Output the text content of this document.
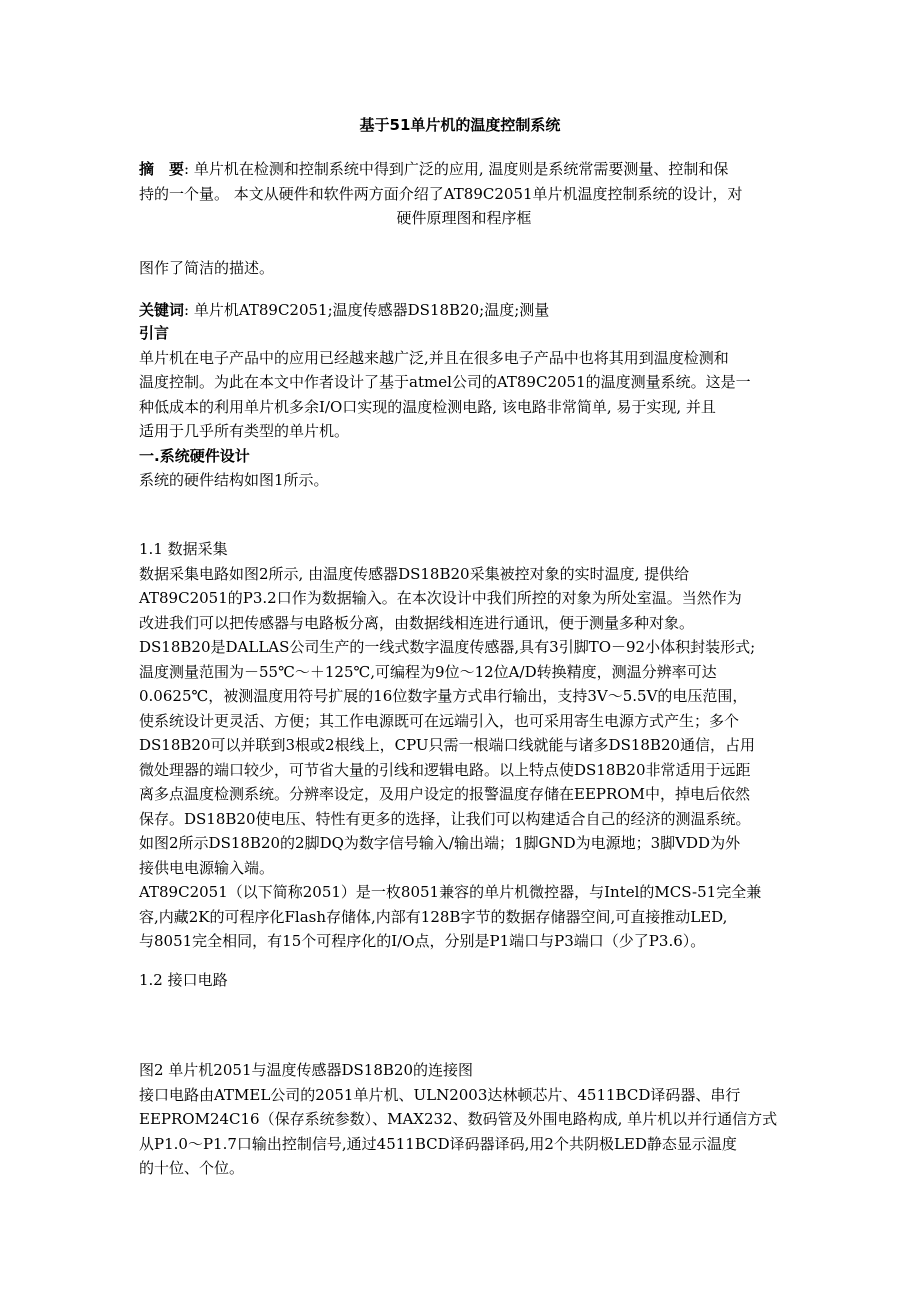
基于51单片机的温度控制系统
摘　要: 单片机在检测和控制系统中得到广泛的应用, 温度则是系统常需要测量、控制和保
持的一个量。 本文从硬件和软件两方面介绍了AT89C2051单片机温度控制系统的设计，对
硬件原理图和程序框
图作了简洁的描述。
关键词: 单片机AT89C2051;温度传感器DS18B20;温度;测量
引言
单片机在电子产品中的应用已经越来越广泛,并且在很多电子产品中也将其用到温度检测和
温度控制。为此在本文中作者设计了基于atmel公司的AT89C2051的温度测量系统。这是一
种低成本的利用单片机多余I/O口实现的温度检测电路, 该电路非常简单, 易于实现, 并且
适用于几乎所有类型的单片机。
一.系统硬件设计
系统的硬件结构如图1所示。
1.1 数据采集
数据采集电路如图2所示, 由温度传感器DS18B20采集被控对象的实时温度, 提供给
AT89C2051的P3.2口作为数据输入。在本次设计中我们所控的对象为所处室温。当然作为
改进我们可以把传感器与电路板分离，由数据线相连进行通讯，便于测量多种对象。
DS18B20是DALLAS公司生产的一线式数字温度传感器,具有3引脚TO－92小体积封装形式;
温度测量范围为－55℃～＋125℃,可编程为9位～12位A/D转换精度，测温分辨率可达
0.0625℃，被测温度用符号扩展的16位数字量方式串行输出，支持3V～5.5V的电压范围，
使系统设计更灵活、方便；其工作电源既可在远端引入，也可采用寄生电源方式产生；多个
DS18B20可以并联到3根或2根线上，CPU只需一根端口线就能与诸多DS18B20通信，占用
微处理器的端口较少，可节省大量的引线和逻辑电路。以上特点使DS18B20非常适用于远距
离多点温度检测系统。分辨率设定，及用户设定的报警温度存储在EEPROM中，掉电后依然
保存。DS18B20使电压、特性有更多的选择，让我们可以构建适合自己的经济的测温系统。
如图2所示DS18B20的2脚DQ为数字信号输入/输出端；1脚GND为电源地；3脚VDD为外
接供电电源输入端。
AT89C2051（以下简称2051）是一枚8051兼容的单片机微控器，与Intel的MCS-51完全兼
容,内藏2K的可程序化Flash存储体,内部有128B字节的数据存储器空间,可直接推动LED,
与8051完全相同，有15个可程序化的I/O点，分别是P1端口与P3端口（少了P3.6）。
1.2 接口电路
图2 单片机2051与温度传感器DS18B20的连接图
接口电路由ATMEL公司的2051单片机、ULN2003达林顿芯片、4511BCD译码器、串行
EEPROM24C16（保存系统参数）、MAX232、数码管及外围电路构成, 单片机以并行通信方式
从P1.0～P1.7口输出控制信号,通过4511BCD译码器译码,用2个共阴极LED静态显示温度
的十位、个位。
